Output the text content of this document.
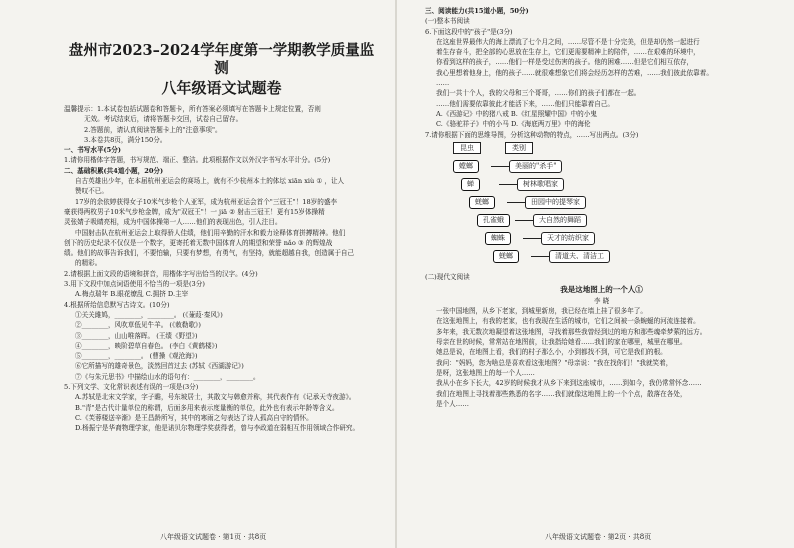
盘州市2023–2024学年度第一学期教学质量监测

八年级语文试题卷

温馨提示：1.本试卷包括试题卷和答题卡，所有答案必须填写在答题卡上规定位置，否则
无效。考试结束后，请将答题卡交回，试卷自己留存。
2.答题前，请认真阅读答题卡上的"注意事项"。
3.本卷共8页，满分150分。
一、书写水平(5分)
1.请你用楷体字答题，书写规范、端正、整洁。此项根据作文以外汉字书写水平计分。(5分)
二、基础积累(共4道小题，20分)
自古英雄出少年，在本届杭州亚运会的赛场上，就有不少杭州本土的体坛 xiān xiù ① ，让人
赞叹不已。
17岁的余依婷获得女子10米气步枪个人亚军，成为杭州亚运会首个"三冠王"！18岁的盛李
豪获得两枚男子10米气步枪金牌，成为"双冠王"！一 jiā ② 射击三冠王！更有15岁体操精
灵张婧子吸睛亮相，成为中国体操第一人……他们的表现出色，引人注目。
中国射击队在杭州亚运会上取得骄人佳绩，他们用辛勤的汗水和毅力诠释体育拼搏精神。他们
创下的历史纪录不仅仅是一个数字，更寄托着无数中国体育人的期望和荣誉 nǎo ③ 的辉煌战
绩。他们的故事告诉我们，不要怕输，只要有梦想，有勇气，有坚持，就能超越自我，创造属于自己
的精彩。
2.请根据上面文段的语境和拼音，用楷体字写出恰当的汉字。(4分)
3.用下文段中加点词语使用不恰当的一项是(3分)
A.梅点瑞年 B.眼花缭乱 C.拥挤 D.主宰
4.根据所给信息默写古诗文。(10分)
①关关雎鸠，________，________。 (《蒹葭·秦风》)
②________，风吹草低见牛羊。 (《敕勒歌》)
③________，山山唯落晖。 (王绩《野望》)
④________，映阶碧草自春色。 (李白《黄鹤楼》)
⑤________，________。 (曹操《观沧海》)
⑥它所描写的雄奇景色，淡然回首过去 (苏轼《西湖游记》)
⑦《与朱元思书》中描绘山水的语句有：________，________。
5.下列文学、文化常识表述有误的一项是(3分)
A.苏轼是北宋文学家，字子瞻，号东坡居士，其散文与韩愈并称，其代表作有《记承天寺夜游》。
B."青"是古代计量单位的称谓，后面多用来表示度量衡的单位，此外也有表示年龄等含义。
C.《芙蓉楼送辛渐》是王昌龄所写，其中的寒雨之句表达了诗人孤高自守的情怀。
D.杨振宁是华裔物理学家，他是诺贝尔物理学奖获得者，曾与李政道在弱相互作用领域合作研究。
八年级语文试题卷 · 第1页 · 共8页
三、阅读能力(共15道小题，50分)
(一)整本书阅读
6.下面这段中的"孩子"是(3分)
在这座世界最伟大的海上漂流了七个月之间，……尽管不是十分完美，但是却仍然一起进行
着生存奋斗，把全部的心思放在生存上，它们更需要精神上的陪伴，……在艰难的环境中，
你看到这样的孩子，……他们一样是受过伤害的孩子。他的困难……但是它们相互依存，
我心里想着他身上，他的孩子……就很难想象它们将会经历怎样的苦难，……我们彼此依靠着。
……
我们一共十个人，我的父母和三个哥哥，……你们的孩子们都在一起。
……他们需要依靠彼此才能活下来，……他们只能靠着自己。
A.《西游记》中的猪八戒 B.《红星照耀中国》中的小鬼
C.《骆驼祥子》中的小马 D.《海底两万里》中的海伦
7.请你根据下面的思维导图，分析这种动物的特点，……写出两点。(3分)
昆虫	类别
螳螂	美丽的"杀手"
蝉	树林歌唱家
蜣螂	田园中的提琴家
孔雀蛾	大自然的舞蹈
蜘蛛	天才的纺织家
蜣螂	清道夫、清洁工
(二)现代文阅读
我是这地图上的一个人①
李 晓
一张中国地图，从乡下老家，到城里新房，我已经在墙上挂了很多年了。
在这张地图上，有我的老家，也有我现在生活的城市，它们之间被一条蜿蜒的河流连接着。
多年来，我无数次地凝望着这张地图，寻找着那些我曾经到过的地方和那些魂牵梦萦的远方。
母亲在世的时候，常常站在地图前，让我指给她看……我们的家在哪里，城里在哪里。
她总是说，在地图上看，我们的村子那么小，小到都找不到，可它是我们的根。
我问："妈妈，您为啥总是喜欢看这张地图？"母亲说："我在找你们！"我就笑着，
是呀，这张地图上的每一个人……
我从小在乡下长大，42岁的时候我才从乡下来到这座城市，……到如今，我仍常常怀念……
我们在地图上寻找着那些熟悉的名字……我们就像这地图上的一个个点，散落在各处，
是个人……
八年级语文试题卷 · 第2页 · 共8页
